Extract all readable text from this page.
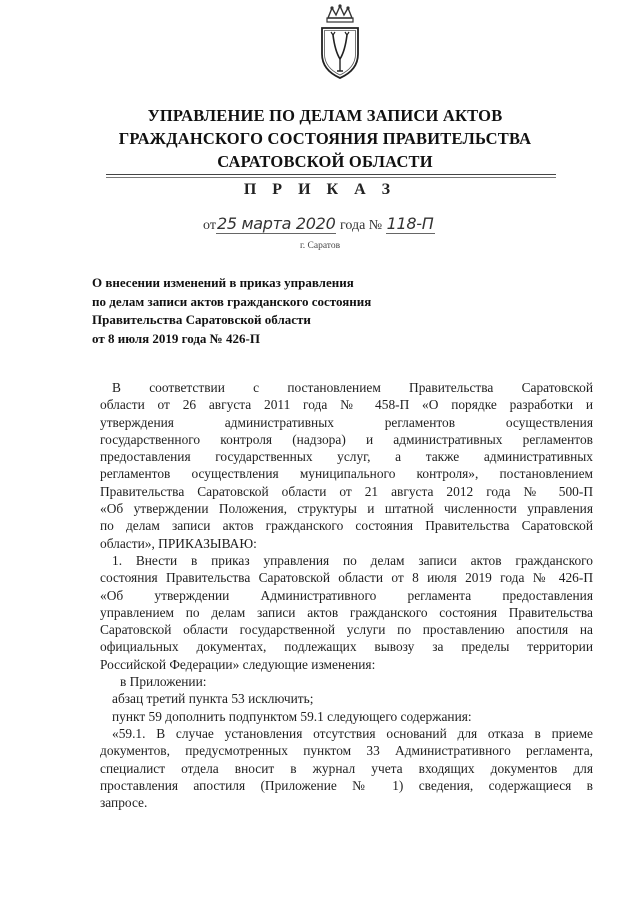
УПРАВЛЕНИЕ ПО ДЕЛАМ ЗАПИСИ АКТОВ
ГРАЖДАНСКОГО СОСТОЯНИЯ ПРАВИТЕЛЬСТВА
САРАТОВСКОЙ ОБЛАСТИ
П Р И К А З
от25 марта 2020 года № 118-П
г. Саратов
О внесении изменений в приказ управления
по делам записи актов гражданского состояния
Правительства Саратовской области
от 8 июля 2019 года № 426-П
В соответствии с постановлением Правительства Саратовской
области от 26 августа 2011 года № 458-П «О порядке разработки и
утверждения административных регламентов осуществления
государственного контроля (надзора) и административных регламентов
предоставления государственных услуг, а также административных
регламентов осуществления муниципального контроля», постановлением
Правительства Саратовской области от 21 августа 2012 года № 500-П
«Об утверждении Положения, структуры и штатной численности управления
по делам записи актов гражданского состояния Правительства Саратовской
области», ПРИКАЗЫВАЮ:
1. Внести в приказ управления по делам записи актов гражданского
состояния Правительства Саратовской области от 8 июля 2019 года № 426-П
«Об утверждении Административного регламента предоставления
управлением по делам записи актов гражданского состояния Правительства
Саратовской области государственной услуги по проставлению апостиля на
официальных документах, подлежащих вывозу за пределы территории
Российской Федерации» следующие изменения:
в Приложении:
абзац третий пункта 53 исключить;
пункт 59 дополнить подпунктом 59.1 следующего содержания:
«59.1. В случае установления отсутствия оснований для отказа в приеме
документов, предусмотренных пунктом 33 Административного регламента,
специалист отдела вносит в журнал учета входящих документов для
проставления апостиля (Приложение № 1) сведения, содержащиеся в
запросе.
